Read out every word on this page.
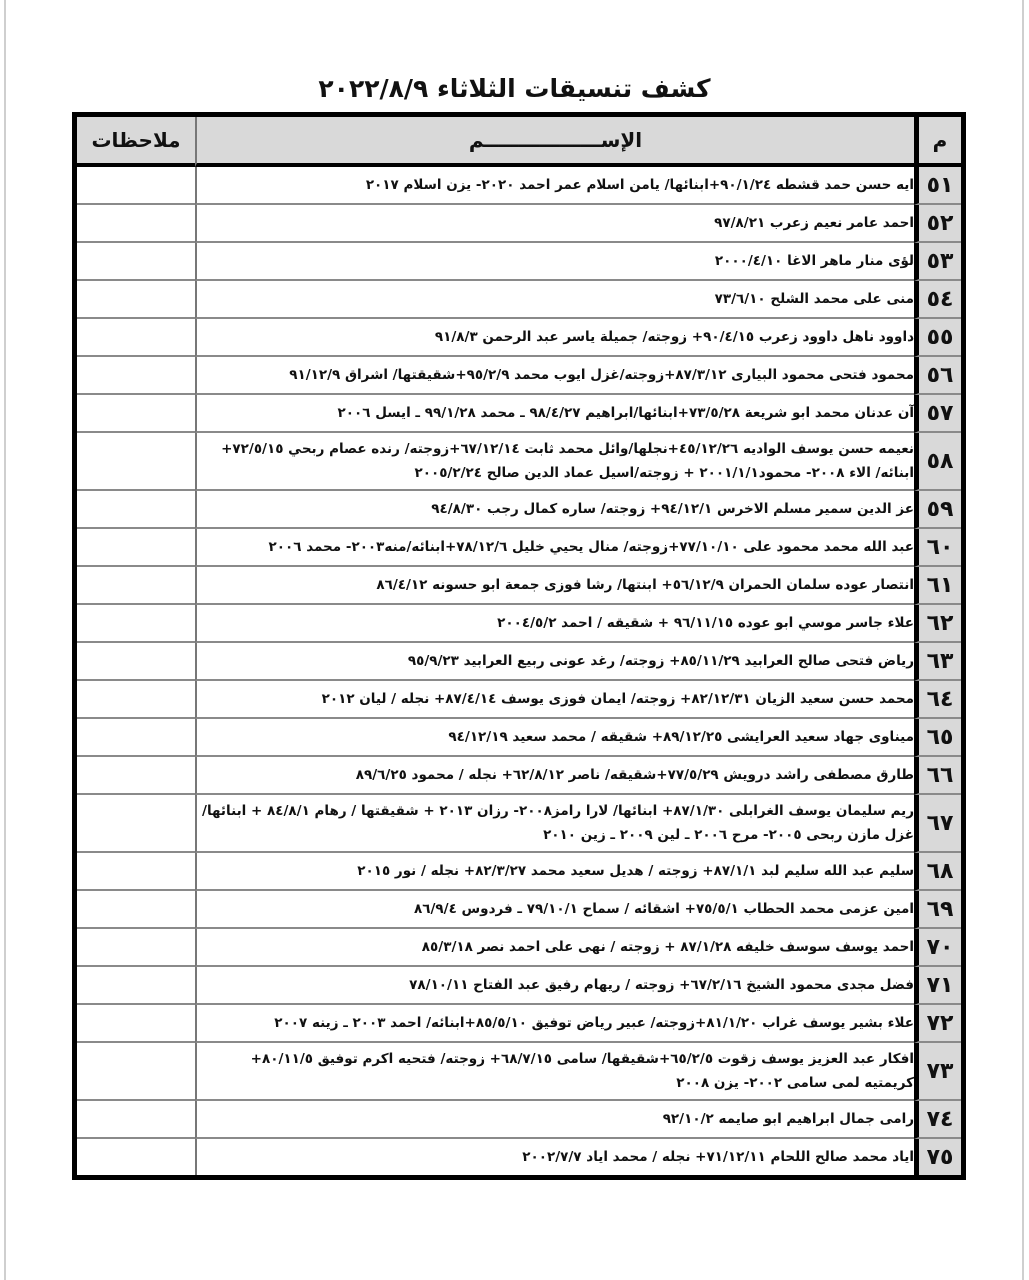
كشف تنسيقات الثلاثاء ٢٠٢٢/٨/٩
م	الإســـــــــــــــــم	ملاحظات
٥١	ايه حسن حمد قشطه ٩٠/١/٢٤+ابنائها/ يامن اسلام عمر احمد ٢٠٢٠- يزن اسلام ٢٠١٧	
٥٢	احمد عامر نعيم زعرب ٩٧/٨/٢١	
٥٣	لؤى منار ماهر الاغا ٢٠٠٠/٤/١٠	
٥٤	منى على محمد الشلح ٧٣/٦/١٠	
٥٥	داوود ناهل داوود زعرب ٩٠/٤/١٥+ زوجته/ جميلة ياسر عبد الرحمن ٩١/٨/٣	
٥٦	محمود فتحى محمود البيارى ٨٧/٣/١٢+زوجته/غزل ايوب محمد ٩٥/٢/٩+شقيقتها/ اشراق ٩١/١٢/٩	
٥٧	آن عدنان محمد ابو شريعة ٧٣/٥/٢٨+ابنائها/ابراهيم ٩٨/٤/٢٧ ـ محمد ٩٩/١/٢٨ ـ ايسل ٢٠٠٦	
٥٨	نعيمه حسن يوسف الواديه ٤٥/١٢/٢٦+نجلها/وائل محمد ثابت ٦٧/١٢/١٤+زوجته/ رنده عصام ربحي ٧٢/٥/١٥+ ابنائه/ الاء ٢٠٠٨- محمود٢٠٠١/١/١ + زوجته/اسيل عماد الدين صالح ٢٠٠٥/٢/٢٤	
٥٩	عز الدين سمير مسلم الاخرس ٩٤/١٢/١+ زوجته/ ساره كمال رجب ٩٤/٨/٣٠	
٦٠	عبد الله محمد محمود على ٧٧/١٠/١٠+زوجته/ منال يحيي خليل ٧٨/١٢/٦+ابنائه/منه٢٠٠٣- محمد ٢٠٠٦	
٦١	انتصار عوده سلمان الحمران ٥٦/١٢/٩+ ابنتها/ رشا فوزى جمعة ابو حسونه ٨٦/٤/١٢	
٦٢	علاء جاسر موسي ابو عوده ٩٦/١١/١٥ + شقيقه / احمد ٢٠٠٤/٥/٢	
٦٣	رياض فتحى صالح العرابيد ٨٥/١١/٢٩+ زوجته/ رغد عونى ربيع العرابيد ٩٥/٩/٢٣	
٦٤	محمد حسن سعيد الزيان ٨٢/١٢/٣١+ زوجته/ ايمان فوزى يوسف ٨٧/٤/١٤+ نجله / ليان ٢٠١٢	
٦٥	ميناوى جهاد سعيد العرايشى ٨٩/١٢/٢٥+ شقيقه / محمد سعيد ٩٤/١٢/١٩	
٦٦	طارق مصطفى راشد درويش ٧٧/٥/٢٩+شقيقه/ ناصر ٦٢/٨/١٢+ نجله / محمود ٨٩/٦/٢٥	
٦٧	ريم سليمان يوسف الغرابلى ٨٧/١/٣٠+ ابنائها/ لارا رامز٢٠٠٨- رزان ٢٠١٣ + شقيقتها / رهام ٨٤/٨/١ + ابنائها/ غزل مازن ربحى ٢٠٠٥- مرح ٢٠٠٦ ـ لين ٢٠٠٩ ـ زين ٢٠١٠	
٦٨	سليم عبد الله سليم لبد ٨٧/١/١+ زوجته / هديل سعيد محمد ٨٢/٣/٢٧+ نجله / نور ٢٠١٥	
٦٩	امين عزمى محمد الحطاب ٧٥/٥/١+ اشقائه / سماح ٧٩/١٠/١ ـ فردوس ٨٦/٩/٤	
٧٠	احمد يوسف سوسف خليفه ٨٧/١/٢٨ + زوجته / نهى على احمد نصر ٨٥/٣/١٨	
٧١	فضل مجدى محمود الشيخ ٦٧/٢/١٦+ زوجته / ريهام رفيق عبد الفتاح ٧٨/١٠/١١	
٧٢	علاء بشير يوسف غراب ٨١/١/٢٠+زوجته/ عبير رياض توفيق ٨٥/٥/١٠+ابنائه/ احمد ٢٠٠٣ ـ زينه ٢٠٠٧	
٧٣	افكار عبد العزيز يوسف زقوت ٦٥/٢/٥+شقيقها/ سامى ٦٨/٧/١٥+ زوجته/ فتحيه اكرم توفيق ٨٠/١١/٥+ كريمتيه لمى سامى ٢٠٠٢- يزن ٢٠٠٨	
٧٤	رامى جمال ابراهيم ابو صايمه ٩٢/١٠/٢	
٧٥	اياد محمد صالح اللحام ٧١/١٢/١١+ نجله / محمد اياد ٢٠٠٢/٧/٧	
